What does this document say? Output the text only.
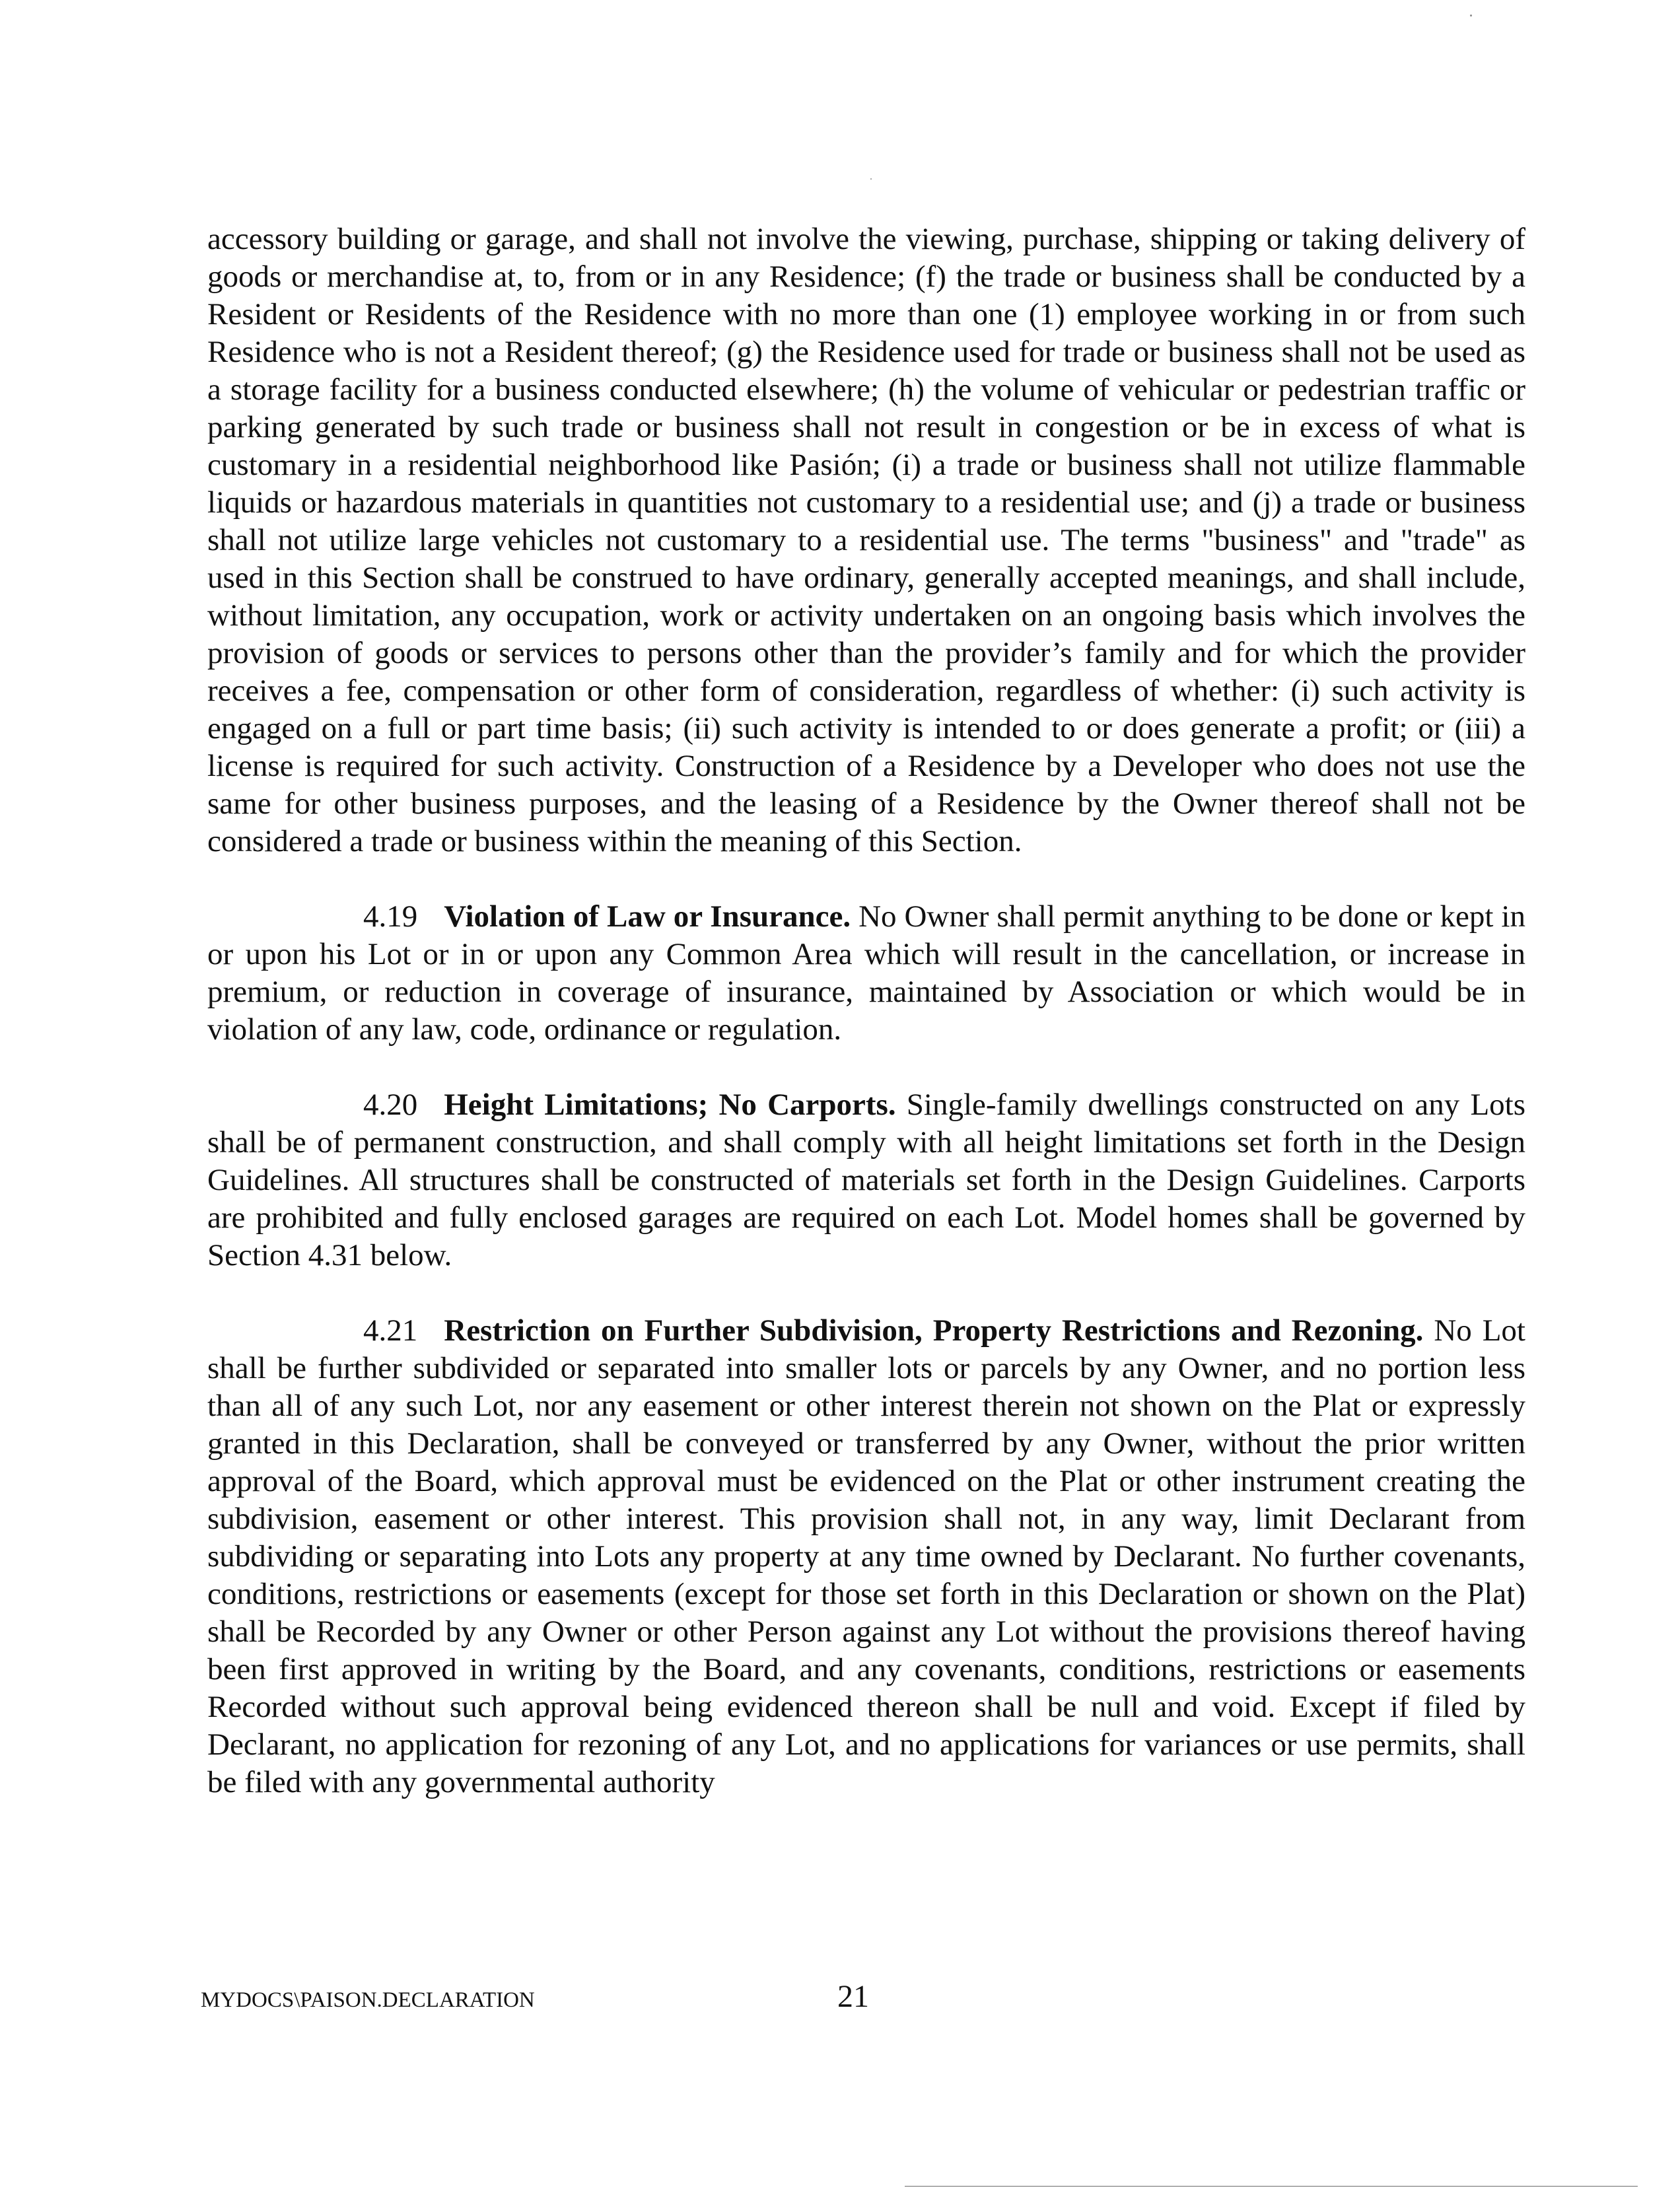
accessory building or garage, and shall not involve the viewing, purchase, shipping or taking delivery of goods or merchandise at, to, from or in any Residence; (f) the trade or business shall be conducted by a Resident or Residents of the Residence with no more than one (1) employee working in or from such Residence who is not a Resident thereof; (g) the Residence used for trade or business shall not be used as a storage facility for a business conducted elsewhere; (h) the volume of vehicular or pedestrian traffic or parking generated by such trade or business shall not result in congestion or be in excess of what is customary in a residential neighborhood like Pasión; (i) a trade or business shall not utilize flammable liquids or hazardous materials in quantities not customary to a residential use; and (j) a trade or business shall not utilize large vehicles not customary to a residential use. The terms "business" and "trade" as used in this Section shall be construed to have ordinary, generally accepted meanings, and shall include, without limitation, any occupation, work or activity undertaken on an ongoing basis which involves the provision of goods or services to persons other than the provider’s family and for which the provider receives a fee, compensation or other form of consideration, regardless of whether: (i) such activity is engaged on a full or part time basis; (ii) such activity is intended to or does generate a profit; or (iii) a license is required for such activity. Construction of a Residence by a Developer who does not use the same for other business purposes, and the leasing of a Residence by the Owner thereof shall not be considered a trade or business within the meaning of this Section.

4.19 Violation of Law or Insurance. No Owner shall permit anything to be done or kept in or upon his Lot or in or upon any Common Area which will result in the cancellation, or increase in premium, or reduction in coverage of insurance, maintained by Association or which would be in violation of any law, code, ordinance or regulation.

4.20 Height Limitations; No Carports. Single-family dwellings constructed on any Lots shall be of permanent construction, and shall comply with all height limitations set forth in the Design Guidelines. All structures shall be constructed of materials set forth in the Design Guidelines. Carports are prohibited and fully enclosed garages are required on each Lot. Model homes shall be governed by Section 4.31 below.

4.21 Restriction on Further Subdivision, Property Restrictions and Rezoning. No Lot shall be further subdivided or separated into smaller lots or parcels by any Owner, and no portion less than all of any such Lot, nor any easement or other interest therein not shown on the Plat or expressly granted in this Declaration, shall be conveyed or transferred by any Owner, without the prior written approval of the Board, which approval must be evidenced on the Plat or other instrument creating the subdivision, easement or other interest. This provision shall not, in any way, limit Declarant from subdividing or separating into Lots any property at any time owned by Declarant. No further covenants, conditions, restrictions or easements (except for those set forth in this Declaration or shown on the Plat) shall be Recorded by any Owner or other Person against any Lot without the provisions thereof having been first approved in writing by the Board, and any covenants, conditions, restrictions or easements Recorded without such approval being evidenced thereon shall be null and void. Except if filed by Declarant, no application for rezoning of any Lot, and no applications for variances or use permits, shall be filed with any governmental authority

MYDOCS\PAISON.DECLARATION	21
